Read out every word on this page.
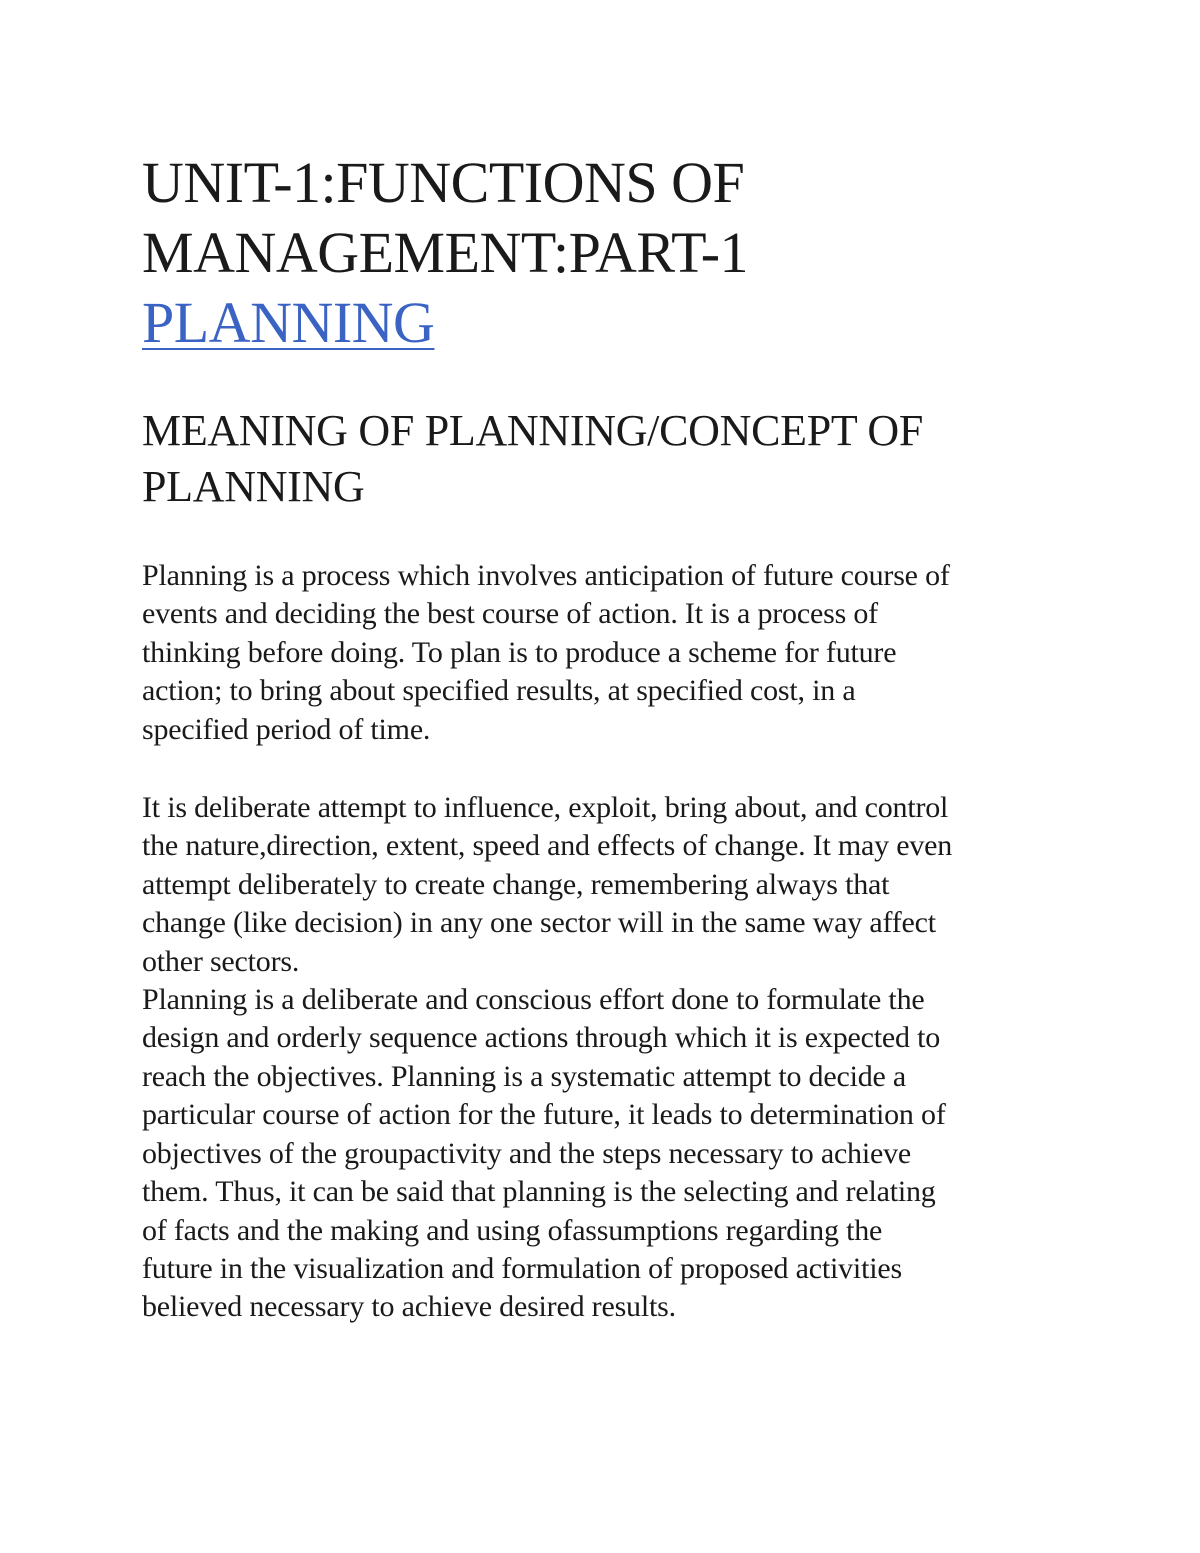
UNIT-1:FUNCTIONS OF
MANAGEMENT:PART-1
PLANNING
MEANING OF PLANNING/CONCEPT OF
PLANNING

Planning is a process which involves anticipation of future course of
events and deciding the best course of action. It is a process of
thinking before doing. To plan is to produce a scheme for future
action; to bring about specified results, at specified cost, in a
specified period of time.

It is deliberate attempt to influence, exploit, bring about, and control
the nature,direction, extent, speed and effects of change. It may even
attempt deliberately to create change, remembering always that
change (like decision) in any one sector will in the same way affect
other sectors.

Planning is a deliberate and conscious effort done to formulate the
design and orderly sequence actions through which it is expected to
reach the objectives. Planning is a systematic attempt to decide a
particular course of action for the future, it leads to determination of
objectives of the groupactivity and the steps necessary to achieve
them. Thus, it can be said that planning is the selecting and relating
of facts and the making and using ofassumptions regarding the
future in the visualization and formulation of proposed activities
believed necessary to achieve desired results.
